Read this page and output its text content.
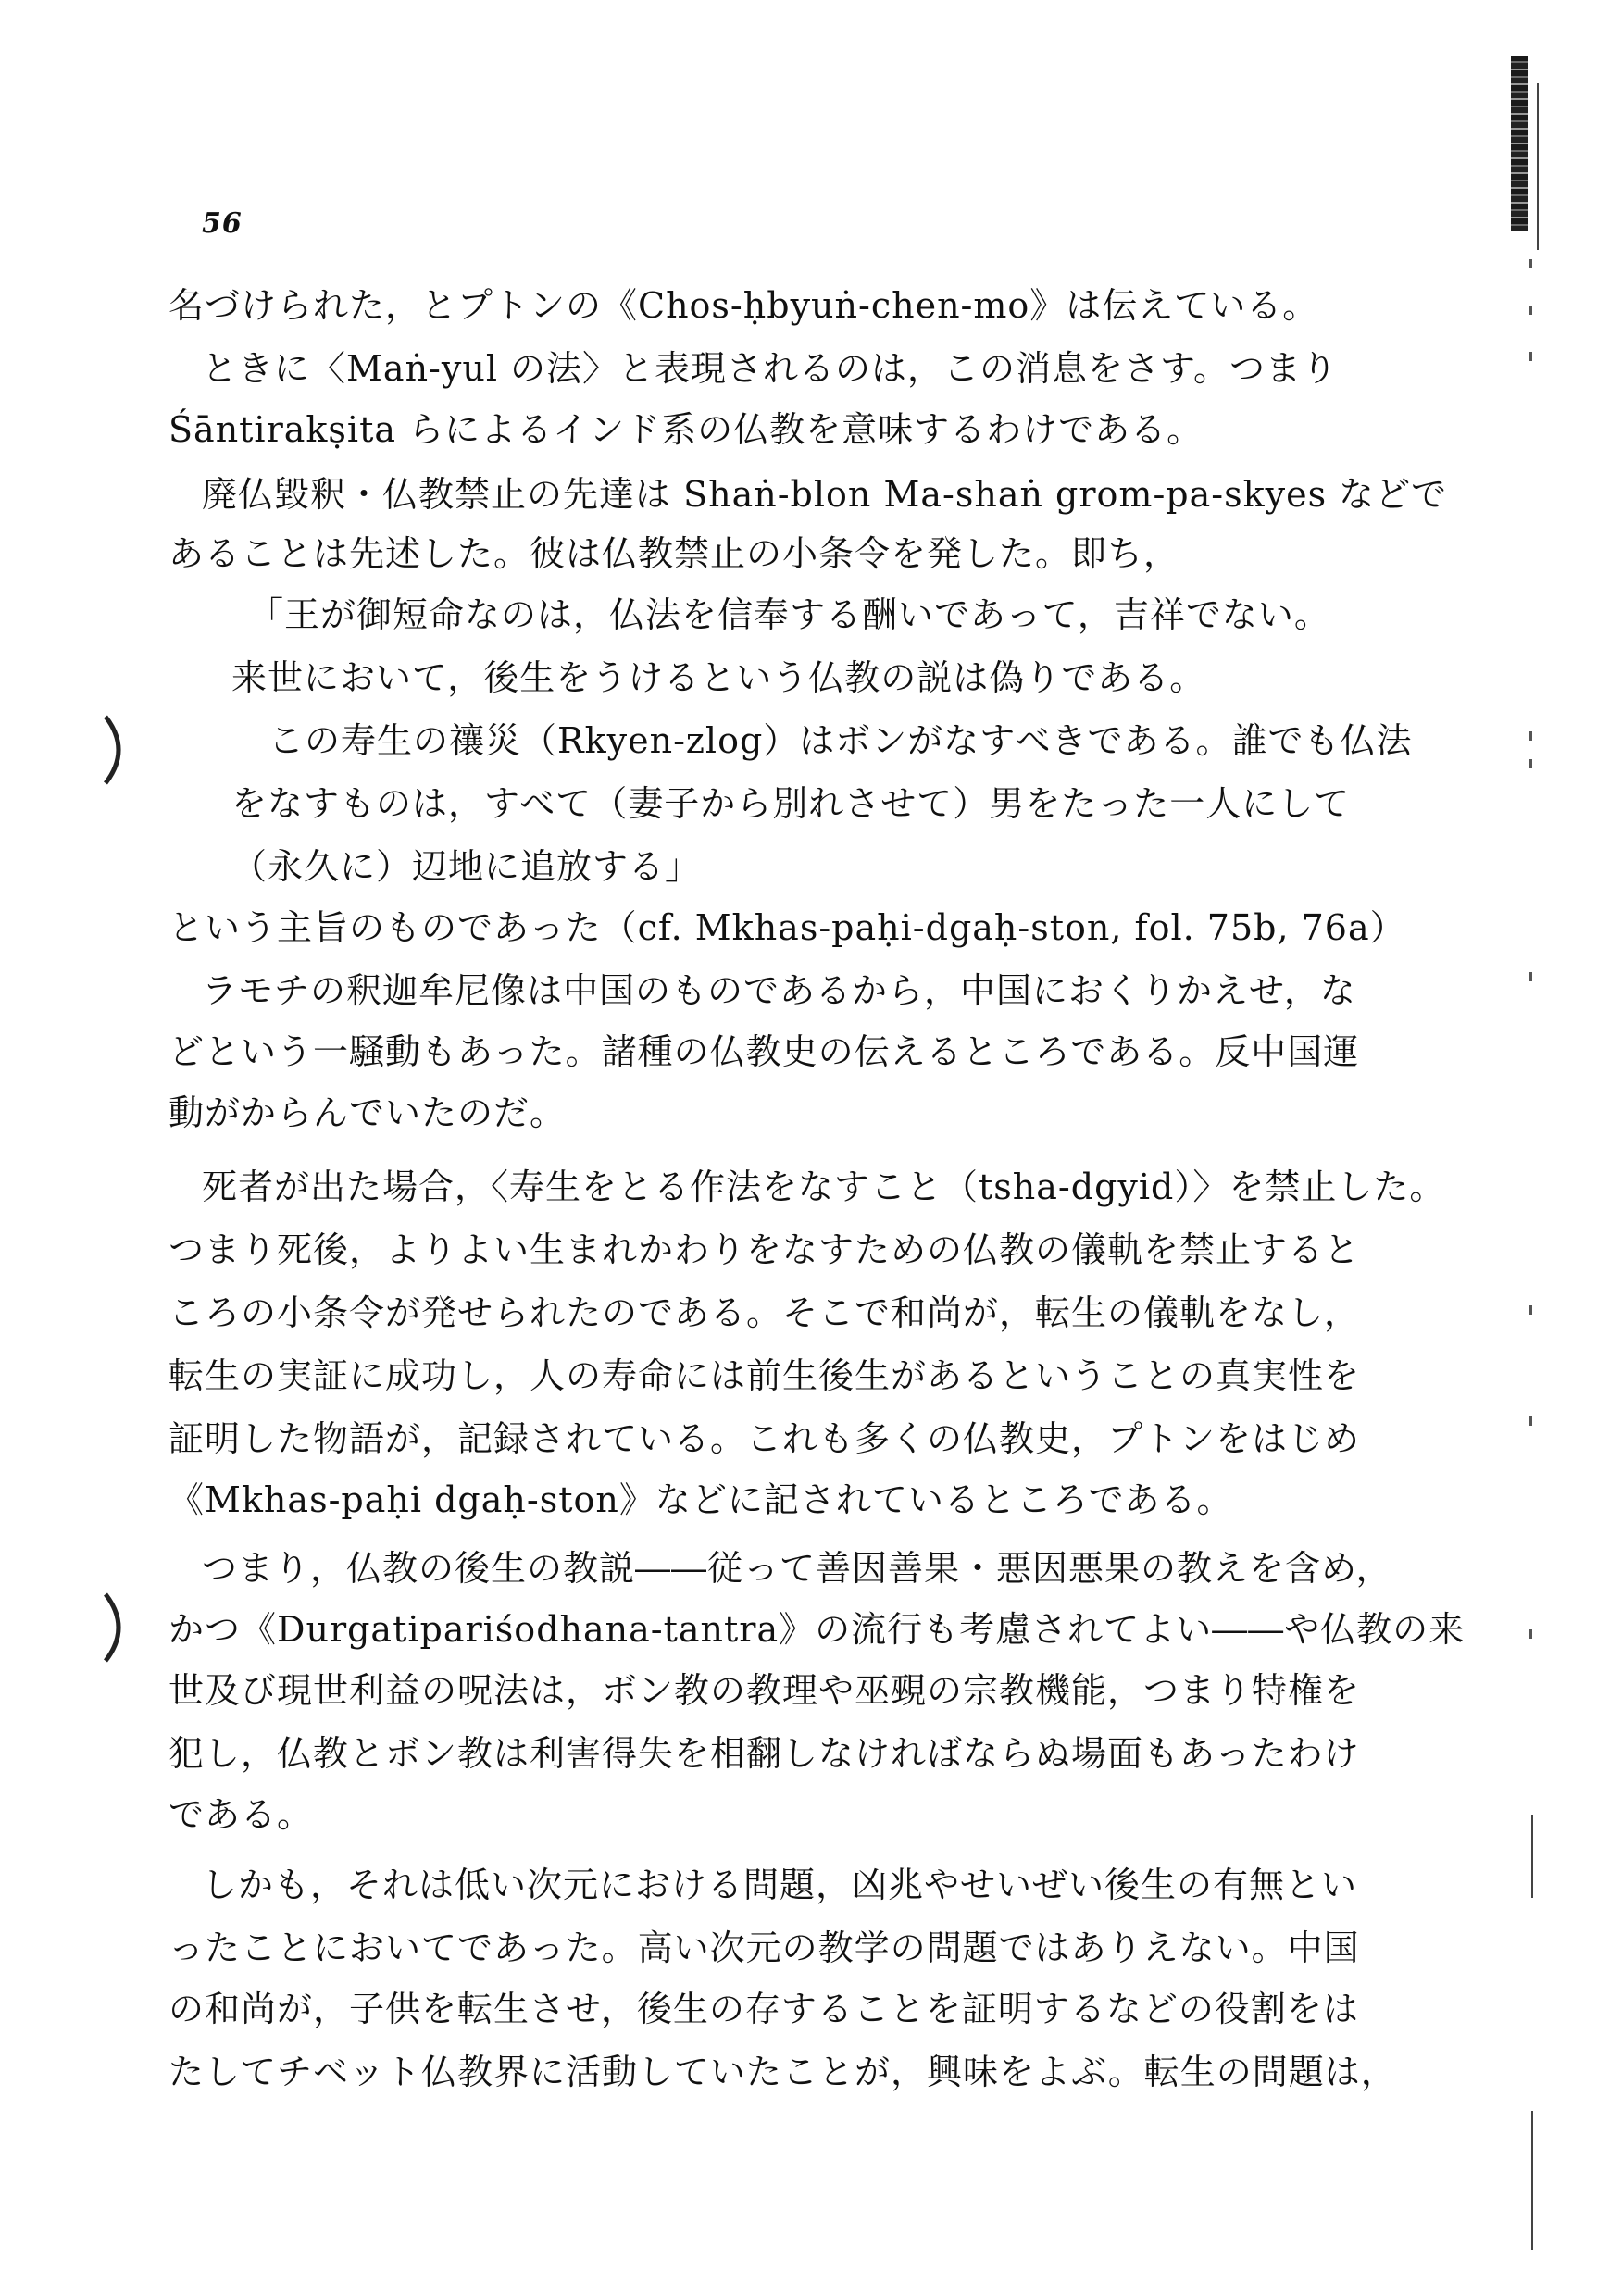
56
名づけられた，とプトンの《Chos-ḥbyuṅ-chen-mo》は伝えている。
ときに〈Maṅ-yul の法〉と表現されるのは，この消息をさす。つまり
Śāntirakṣita らによるインド系の仏教を意味するわけである。
廃仏毀釈・仏教禁止の先達は Shaṅ-blon Ma-shaṅ grom-pa-skyes などで
あることは先述した。彼は仏教禁止の小条令を発した。即ち，
「王が御短命なのは，仏法を信奉する酬いであって，吉祥でない。
来世において，後生をうけるという仏教の説は偽りである。
この寿生の禳災（Rkyen-zlog）はボンがなすべきである。誰でも仏法
をなすものは，すべて（妻子から別れさせて）男をたった一人にして
（永久に）辺地に追放する」
という主旨のものであった（cf. Mkhas-paḥi-dgaḥ-ston, fol. 75b, 76a）
ラモチの釈迦牟尼像は中国のものであるから，中国におくりかえせ，な
どという一騒動もあった。諸種の仏教史の伝えるところである。反中国運
動がからんでいたのだ。
死者が出た場合，〈寿生をとる作法をなすこと（tsha-dgyid）〉を禁止した。
つまり死後，よりよい生まれかわりをなすための仏教の儀軌を禁止すると
ころの小条令が発せられたのである。そこで和尚が，転生の儀軌をなし，
転生の実証に成功し，人の寿命には前生後生があるということの真実性を
証明した物語が，記録されている。これも多くの仏教史，プトンをはじめ
《Mkhas-paḥi dgaḥ-ston》などに記されているところである。
つまり，仏教の後生の教説――従って善因善果・悪因悪果の教えを含め，
かつ《Durgatipariśodhana-tantra》の流行も考慮されてよい――や仏教の来
世及び現世利益の呪法は，ボン教の教理や巫覡の宗教機能，つまり特権を
犯し，仏教とボン教は利害得失を相翻しなければならぬ場面もあったわけ
である。
しかも，それは低い次元における問題，凶兆やせいぜい後生の有無とい
ったことにおいてであった。高い次元の教学の問題ではありえない。中国
の和尚が，子供を転生させ，後生の存することを証明するなどの役割をは
たしてチベット仏教界に活動していたことが，興味をよぶ。転生の問題は，
